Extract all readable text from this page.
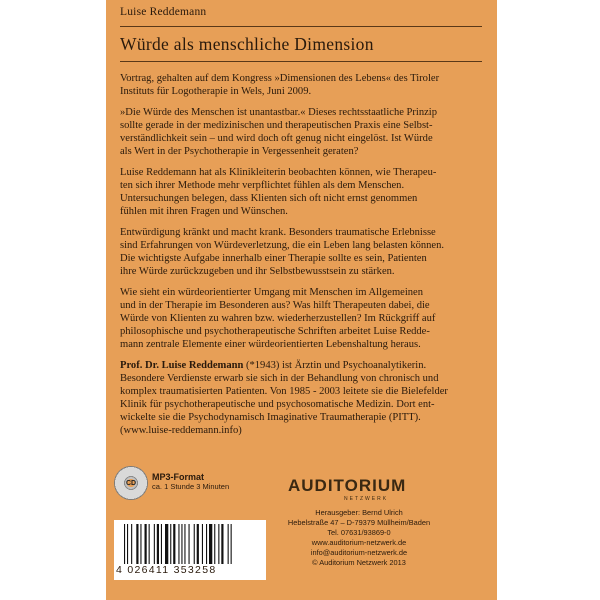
Luise Reddemann
Würde als menschliche Dimension

Vortrag, gehalten auf dem Kongress »Dimensionen des Lebens« des Tiroler
Instituts für Logotherapie in Wels, Juni 2009.

»Die Würde des Menschen ist unantastbar.« Dieses rechtsstaatliche Prinzip
sollte gerade in der medizinischen und therapeutischen Praxis eine Selbst-
verständlichkeit sein – und wird doch oft genug nicht eingelöst. Ist Würde
als Wert in der Psychotherapie in Vergessenheit geraten?

Luise Reddemann hat als Klinikleiterin beobachten können, wie Therapeu-
ten sich ihrer Methode mehr verpflichtet fühlen als dem Menschen.
Untersuchungen belegen, dass Klienten sich oft nicht ernst genommen
fühlen mit ihren Fragen und Wünschen.

Entwürdigung kränkt und macht krank. Besonders traumatische Erlebnisse
sind Erfahrungen von Würdeverletzung, die ein Leben lang belasten können.
Die wichtigste Aufgabe innerhalb einer Therapie sollte es sein, Patienten
ihre Würde zurückzugeben und ihr Selbstbewusstsein zu stärken.

Wie sieht ein würdeorientierter Umgang mit Menschen im Allgemeinen
und in der Therapie im Besonderen aus? Was hilft Therapeuten dabei, die
Würde von Klienten zu wahren bzw. wiederherzustellen? Im Rückgriff auf
philosophische und psychotherapeutische Schriften arbeitet Luise Redde-
mann zentrale Elemente einer würdeorientierten Lebenshaltung heraus.

Prof. Dr. Luise Reddemann (*1943) ist Ärztin und Psychoanalytikerin.
Besondere Verdienste erwarb sie sich in der Behandlung von chronisch und
komplex traumatisierten Patienten. Von 1985 - 2003 leitete sie die Bielefelder
Klinik für psychotherapeutische und psychosomatische Medizin. Dort ent-
wickelte sie die Psychodynamisch Imaginative Traumatherapie (PITT).
(www.luise-reddemann.info)

CD
MP3-Format
ca. 1 Stunde 3 Minuten	AUDITORIUM
NETZWERK
Herausgeber: Bernd Ulrich
Hebelstraße 47 – D-79379 Müllheim/Baden
Tel. 07631/93869-0
www.auditorium-netzwerk.de
info@auditorium-netzwerk.de
© Auditorium Netzwerk 2013
4 026411 353258
